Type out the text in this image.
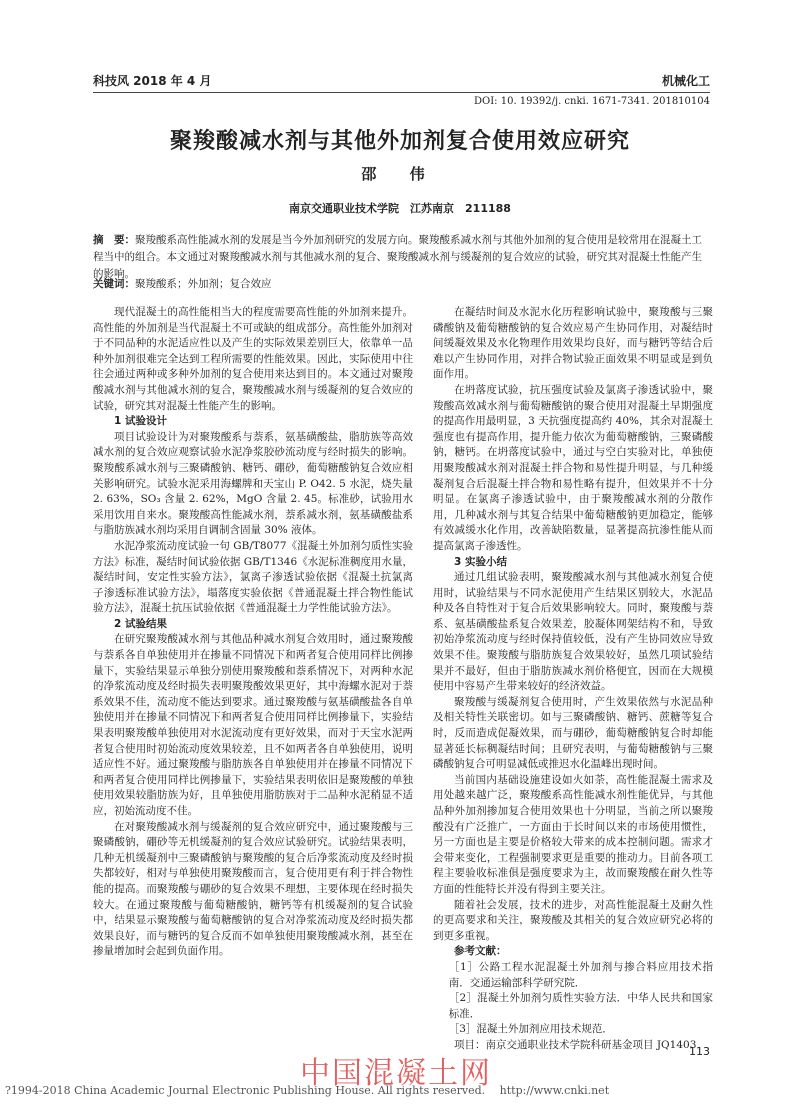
科技风 2018 年 4 月	机械化工
DOI: 10. 19392/j. cnki. 1671-7341. 201810104
聚羧酸减水剂与其他外加剂复合使用效应研究
邵 伟
南京交通职业技术学院　江苏南京　211188
摘　要：聚羧酸系高性能减水剂的发展是当今外加剂研究的发展方向。聚羧酸系减水剂与其他外加剂的复合使用是较常用在混凝土工程当中的组合。本文通过对聚羧酸减水剂与其他减水剂的复合、聚羧酸减水剂与缓凝剂的复合效应的试验，研究其对混凝土性能产生的影响。
关键词：聚羧酸系；外加剂；复合效应

现代混凝土的高性能相当大的程度需要高性能的外加剂来提升。高性能的外加剂是当代混凝土不可或缺的组成部分。高性能外加剂对于不同品种的水泥适应性以及产生的实际效果差别巨大，依靠单一品种外加剂很难完全达到工程所需要的性能效果。因此，实际使用中往往会通过两种或多种外加剂的复合使用来达到目的。本文通过对聚羧酸减水剂与其他减水剂的复合，聚羧酸减水剂与缓凝剂的复合效应的试验，研究其对混凝土性能产生的影响。

1 试验设计

项目试验设计为对聚羧酸系与萘系，氨基磺酸盐，脂肪族等高效减水剂的复合效应观察试验水泥净浆胶砂流动度与经时损失的影响。聚羧酸系减水剂与三聚磷酸钠、糖钙、硼砂，葡萄糖酸钠复合效应相关影响研究。试验水泥采用海螺牌和天宝山 P. O42. 5 水泥，烧失量 2. 63%，SO₃ 含量 2. 62%，MgO 含量 2. 45。标准砂，试验用水采用饮用自来水。聚羧酸高性能减水剂，萘系减水剂，氨基磺酸盐系与脂肪族减水剂均采用自调制含固量 30% 液体。

水泥净浆流动度试验一句 GB/T8077《混凝土外加剂匀质性实验方法》标准，凝结时间试验依据 GB/T1346《水泥标准稠度用水量，凝结时间，安定性实验方法》，氯离子渗透试验依据《混凝土抗氯离子渗透标准试验方法》，塌落度实验依据《普通混凝土拌合物性能试验方法》，混凝土抗压试验依据《普通混凝土力学性能试验方法》。

2 试验结果

在研究聚羧酸减水剂与其他品种减水剂复合效用时，通过聚羧酸与萘系各自单独使用并在掺量不同情况下和两者复合使用同样比例掺量下，实验结果显示单独分别使用聚羧酸和萘系情况下，对两种水泥的净浆流动度及经时损失表明聚羧酸效果更好，其中海螺水泥对于萘系效果不佳，流动度不能达到要求。通过聚羧酸与氨基磺酸盐各自单独使用并在掺量不同情况下和两者复合使用同样比例掺量下，实验结果表明聚羧酸单独使用对水泥流动度有更好效果，而对于天宝水泥两者复合使用时初始流动度效果较差，且不如两者各自单独使用，说明适应性不好。通过聚羧酸与脂肪族各自单独使用并在掺量不同情况下和两者复合使用同样比例掺量下，实验结果表明依旧是聚羧酸的单独使用效果较脂肪族为好，且单独使用脂肪族对于二品种水泥稍显不适应，初始流动度不佳。

在对聚羧酸减水剂与缓凝剂的复合效应研究中，通过聚羧酸与三聚磷酸钠，硼砂等无机缓凝剂的复合效应试验研究。试验结果表明，几种无机缓凝剂中三聚磷酸钠与聚羧酸的复合后净浆流动度及经时损失都较好，相对与单独使用聚羧酸而言，复合使用更有利于拌合物性能的提高。而聚羧酸与硼砂的复合效果不理想，主要体现在经时损失较大。在通过聚羧酸与葡萄糖酸钠，糖钙等有机缓凝剂的复合试验中，结果显示聚羧酸与葡萄糖酸钠的复合对净浆流动度及经时损失都效果良好，而与糖钙的复合反而不如单独使用聚羧酸减水剂，甚至在掺量增加时会起到负面作用。

在凝结时间及水泥水化历程影响试验中，聚羧酸与三聚磷酸钠及葡萄糖酸钠的复合效应易产生协同作用，对凝结时间缓凝效果及水化物理作用效果均良好，而与糖钙等结合后难以产生协同作用，对拌合物试验正面效果不明显或是到负面作用。

在坍落度试验，抗压强度试验及氯离子渗透试验中，聚羧酸高效减水剂与葡萄糖酸钠的聚合使用对混凝土早期强度的提高作用最明显，3 天抗强度提高约 40%，其余对混凝土强度也有提高作用，提升能力依次为葡萄糖酸钠，三聚磷酸钠，糖钙。在坍落度试验中，通过与空白实验对比，单独使用聚羧酸减水剂对混凝土拌合物和易性提升明显，与几种缓凝剂复合后混凝土拌合物和易性略有提升，但效果并不十分明显。在氯离子渗透试验中，由于聚羧酸减水剂的分散作用，几种减水剂与其复合结果中葡萄糖酸钠更加稳定，能够有效减缓水化作用，改善缺陷数量，显著提高抗渗性能从而提高氯离子渗透性。

3 实验小结

通过几组试验表明，聚羧酸减水剂与其他减水剂复合使用时，试验结果与不同水泥使用产生结果区别较大，水泥品种及各自特性对于复合后效果影响较大。同时，聚羧酸与萘系、氨基磺酸盐系复合效果差，胶凝体网架结构不和，导致初始净浆流动度与经时保持值较低，没有产生协同效应导致效果不佳。聚羧酸与脂肪族复合效果较好，虽然几项试验结果并不最好，但由于脂肪族减水剂价格便宜，因而在大规模使用中容易产生带来较好的经济效益。

聚羧酸与缓凝剂复合使用时，产生效果依然与水泥品种及相关特性关联密切。如与三聚磷酸钠、糖钙、蔗糖等复合时，反而造成促凝效果，而与硼砂，葡萄糖酸钠复合时却能显著延长标稠凝结时间；且研究表明，与葡萄糖酸钠与三聚磷酸钠复合可明显减低或推迟水化温峰出现时间。

当前国内基础设施建设如火如荼，高性能混凝土需求及用处越来越广泛，聚羧酸系高性能减水剂性能优异，与其他品种外加剂掺加复合使用效果也十分明显，当前之所以聚羧酸没有广泛推广，一方面由于长时间以来的市场使用惯性，另一方面也是主要是价格较大带来的成本控制问题。需求才会带来变化，工程强制要求更是重要的推动力。目前各项工程主要验收标准俱是强度要求为主，故而聚羧酸在耐久性等方面的性能特长并没有得到主要关注。

随着社会发展，技术的进步，对高性能混凝土及耐久性的更高要求和关注，聚羧酸及其相关的复合效应研究必将的到更多重视。

参考文献：

［1］公路工程水泥混凝土外加剂与掺合料应用技术指南．交通运输部科学研究院．

［2］混凝土外加剂匀质性实验方法．中华人民共和国家标准．

［3］混凝土外加剂应用技术规范．

项目：南京交通职业技术学院科研基金项目 JQ1403

中国混凝土网
113
?1994-2018 China Academic Journal Electronic Publishing House. All rights reserved.　 http://www.cnki.net
